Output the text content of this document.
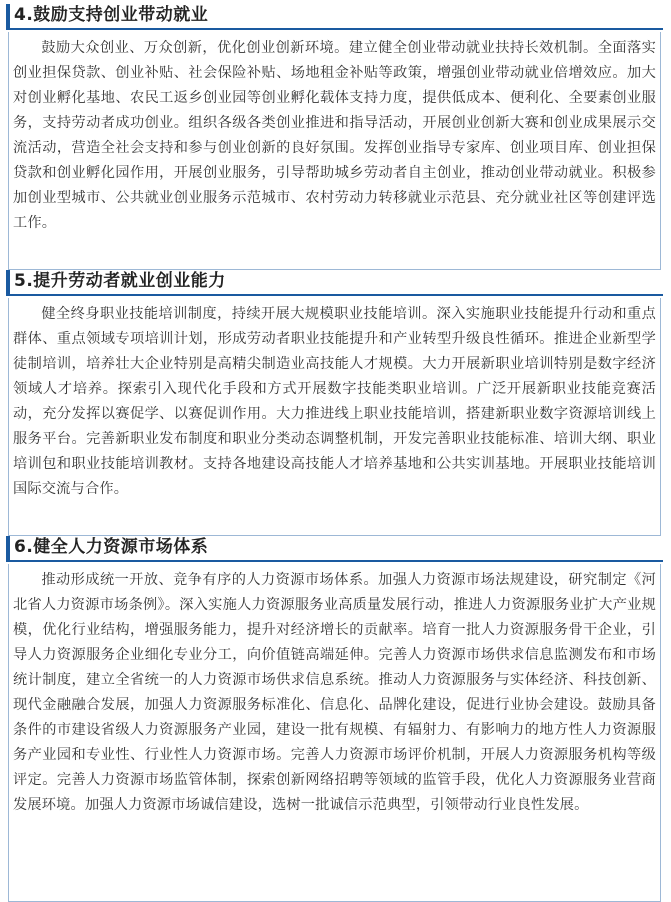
4.鼓励支持创业带动就业

鼓励大众创业、万众创新，优化创业创新环境。建立健全创业带动就业扶持长效机制。全面落实创业担保贷款、创业补贴、社会保险补贴、场地租金补贴等政策，增强创业带动就业倍增效应。加大对创业孵化基地、农民工返乡创业园等创业孵化载体支持力度，提供低成本、便利化、全要素创业服务，支持劳动者成功创业。组织各级各类创业推进和指导活动，开展创业创新大赛和创业成果展示交流活动，营造全社会支持和参与创业创新的良好氛围。发挥创业指导专家库、创业项目库、创业担保贷款和创业孵化园作用，开展创业服务，引导帮助城乡劳动者自主创业，推动创业带动就业。积极参加创业型城市、公共就业创业服务示范城市、农村劳动力转移就业示范县、充分就业社区等创建评选工作。

5.提升劳动者就业创业能力

健全终身职业技能培训制度，持续开展大规模职业技能培训。深入实施职业技能提升行动和重点群体、重点领域专项培训计划，形成劳动者职业技能提升和产业转型升级良性循环。推进企业新型学徒制培训，培养壮大企业特别是高精尖制造业高技能人才规模。大力开展新职业培训特别是数字经济领域人才培养。探索引入现代化手段和方式开展数字技能类职业培训。广泛开展新职业技能竞赛活动，充分发挥以赛促学、以赛促训作用。大力推进线上职业技能培训，搭建新职业数字资源培训线上服务平台。完善新职业发布制度和职业分类动态调整机制，开发完善职业技能标准、培训大纲、职业培训包和职业技能培训教材。支持各地建设高技能人才培养基地和公共实训基地。开展职业技能培训国际交流与合作。

6.健全人力资源市场体系

推动形成统一开放、竞争有序的人力资源市场体系。加强人力资源市场法规建设，研究制定《河北省人力资源市场条例》。深入实施人力资源服务业高质量发展行动，推进人力资源服务业扩大产业规模，优化行业结构，增强服务能力，提升对经济增长的贡献率。培育一批人力资源服务骨干企业，引导人力资源服务企业细化专业分工，向价值链高端延伸。完善人力资源市场供求信息监测发布和市场统计制度，建立全省统一的人力资源市场供求信息系统。推动人力资源服务与实体经济、科技创新、现代金融融合发展，加强人力资源服务标准化、信息化、品牌化建设，促进行业协会建设。鼓励具备条件的市建设省级人力资源服务产业园，建设一批有规模、有辐射力、有影响力的地方性人力资源服务产业园和专业性、行业性人力资源市场。完善人力资源市场评价机制，开展人力资源服务机构等级评定。完善人力资源市场监管体制，探索创新网络招聘等领域的监管手段，优化人力资源服务业营商发展环境。加强人力资源市场诚信建设，选树一批诚信示范典型，引领带动行业良性发展。
